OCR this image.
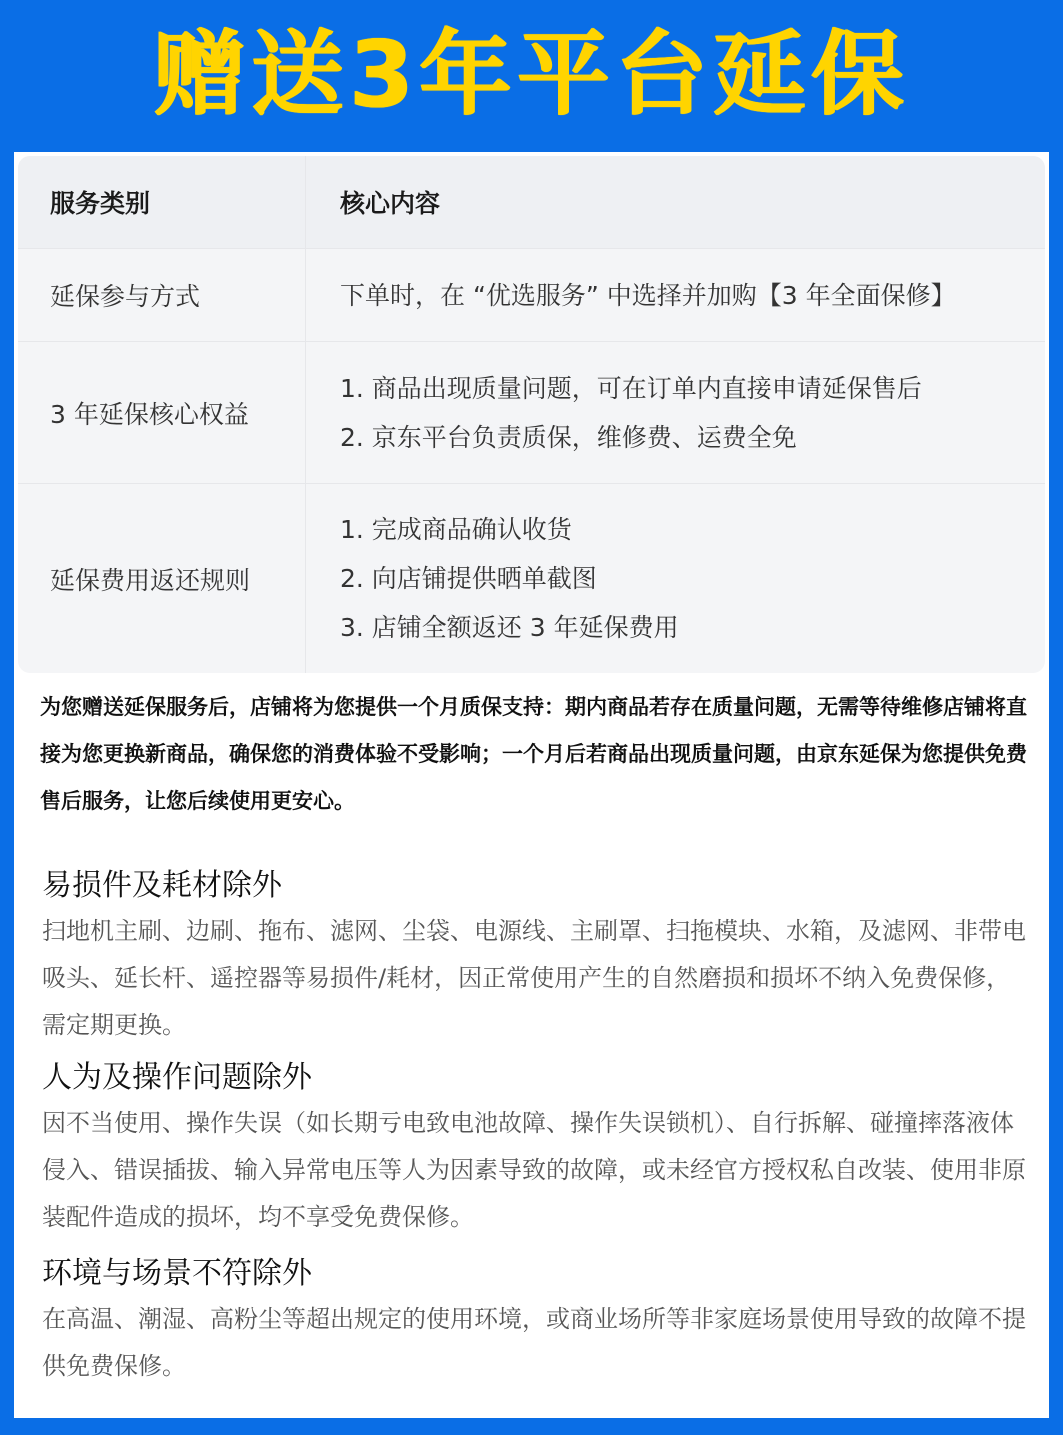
赠送3年平台延保
服务类别	核心内容
延保参与方式	下单时，在 “优选服务” 中选择并加购【3 年全面保修】
3 年延保核心权益
1. 商品出现质量问题，可在订单内直接申请延保售后
2. 京东平台负责质保，维修费、运费全免
延保费用返还规则
1. 完成商品确认收货
2. 向店铺提供晒单截图
3. 店铺全额返还 3 年延保费用
为您赠送延保服务后，店铺将为您提供一个月质保支持：期内商品若存在质量问题，无需等待维修店铺将直接为您更换新商品，确保您的消费体验不受影响；一个月后若商品出现质量问题，由京东延保为您提供免费售后服务，让您后续使用更安心。
易损件及耗材除外
扫地机主刷、边刷、拖布、滤网、尘袋、电源线、主刷罩、扫拖模块、水箱，及滤网、非带电吸头、延长杆、遥控器等易损件/耗材，因正常使用产生的自然磨损和损坏不纳入免费保修，需定期更换。
人为及操作问题除外
因不当使用、操作失误（如长期亏电致电池故障、操作失误锁机）、自行拆解、碰撞摔落液体侵入、错误插拔、输入异常电压等人为因素导致的故障，或未经官方授权私自改装、使用非原装配件造成的损坏，均不享受免费保修。
环境与场景不符除外
在高温、潮湿、高粉尘等超出规定的使用环境，或商业场所等非家庭场景使用导致的故障不提供免费保修。
